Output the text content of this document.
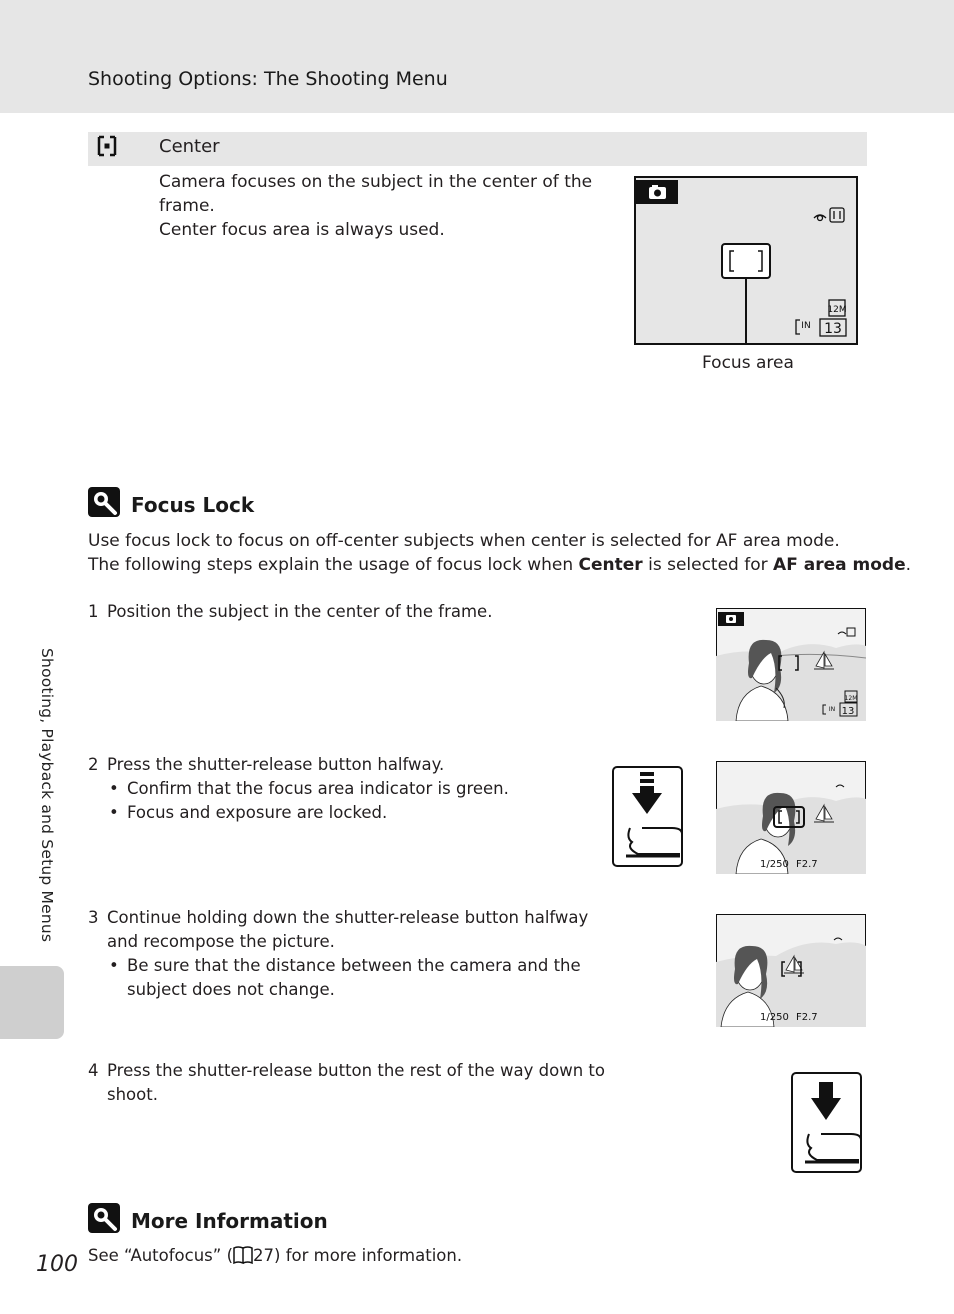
Shooting Options: The Shooting Menu
Shooting, Playback and Setup Menus
Center
Camera focuses on the subject in the center of the
frame.
Center focus area is always used.
12M
IN 13
Focus area
Focus Lock
Use focus lock to focus on off-center subjects when center is selected for AF area mode.
The following steps explain the usage of focus lock when Center is selected for AF area mode.
1 Position the subject in the center of the frame.
12M
IN 13
2 Press the shutter-release button halfway.
• Confirm that the focus area indicator is green.
• Focus and exposure are locked.
1/250 F2.7
3 Continue holding down the shutter-release button halfway
and recompose the picture.
• Be sure that the distance between the camera and the
subject does not change.
1/250 F2.7
4 Press the shutter-release button the rest of the way down to
shoot.
More Information
See “Autofocus” ( 27) for more information.
100
